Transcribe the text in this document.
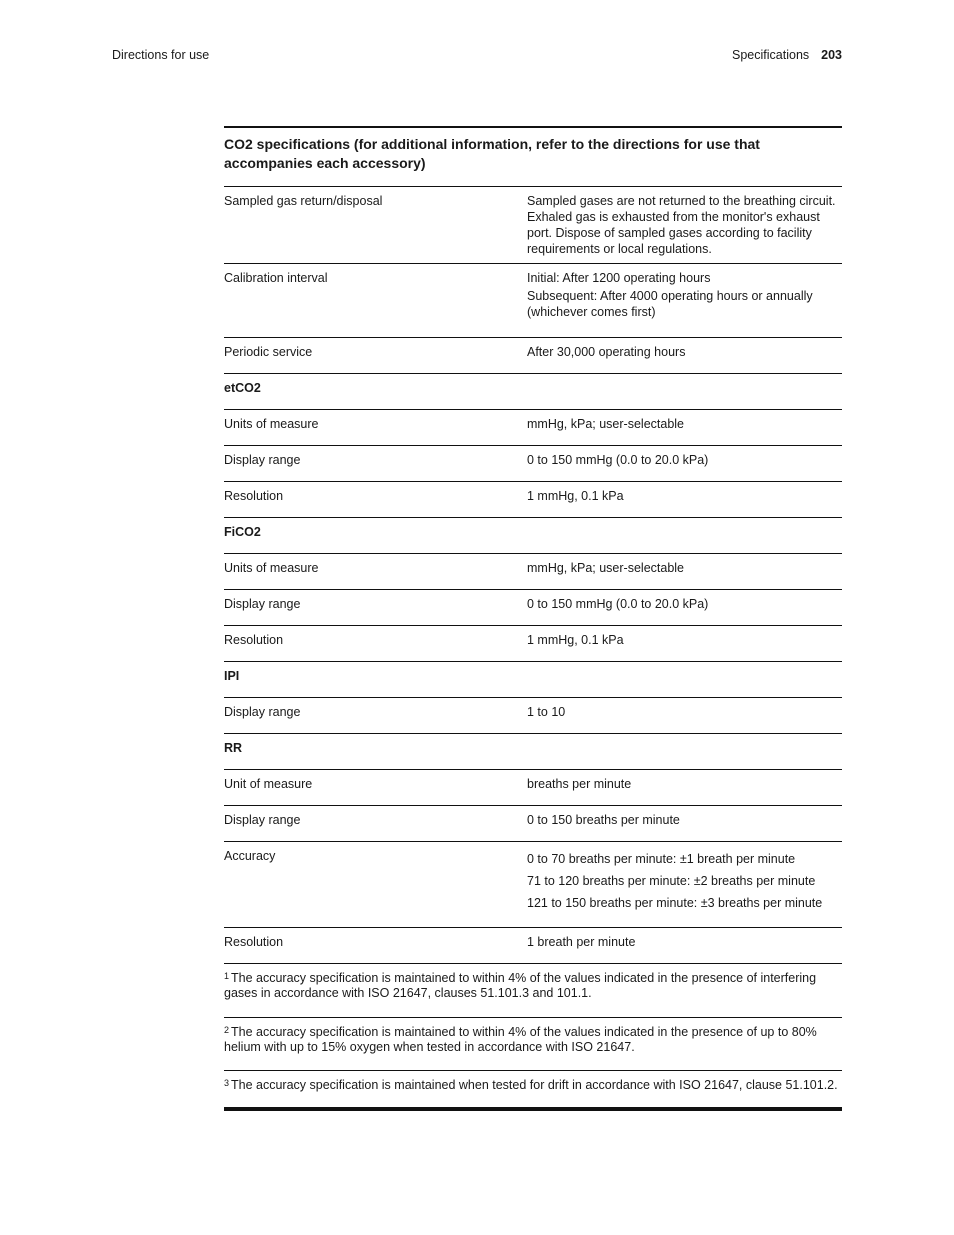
Directions for use	Specifications 203
CO2 specifications (for additional information, refer to the directions for use that accompanies each accessory)
Sampled gas return/disposal	Sampled gases are not returned to the breathing circuit. Exhaled gas is exhausted from the monitor's exhaust port. Dispose of sampled gases according to facility requirements or local regulations.
Calibration interval	Initial: After 1200 operating hours
Subsequent: After 4000 operating hours or annually (whichever comes first)
Periodic service	After 30,000 operating hours
etCO2
Units of measure	mmHg, kPa; user-selectable
Display range	0 to 150 mmHg (0.0 to 20.0 kPa)
Resolution	1 mmHg, 0.1 kPa
FiCO2
Units of measure	mmHg, kPa; user-selectable
Display range	0 to 150 mmHg (0.0 to 20.0 kPa)
Resolution	1 mmHg, 0.1 kPa
IPI
Display range	1 to 10
RR
Unit of measure	breaths per minute
Display range	0 to 150 breaths per minute
Accuracy	0 to 70 breaths per minute: ±1 breath per minute
71 to 120 breaths per minute: ±2 breaths per minute
121 to 150 breaths per minute: ±3 breaths per minute
Resolution	1 breath per minute
$^1$ The accuracy specification is maintained to within 4% of the values indicated in the presence of interfering gases in accordance with ISO 21647, clauses 51.101.3 and 101.1.
$^2$ The accuracy specification is maintained to within 4% of the values indicated in the presence of up to 80% helium with up to 15% oxygen when tested in accordance with ISO 21647.
$^3$ The accuracy specification is maintained when tested for drift in accordance with ISO 21647, clause 51.101.2.
